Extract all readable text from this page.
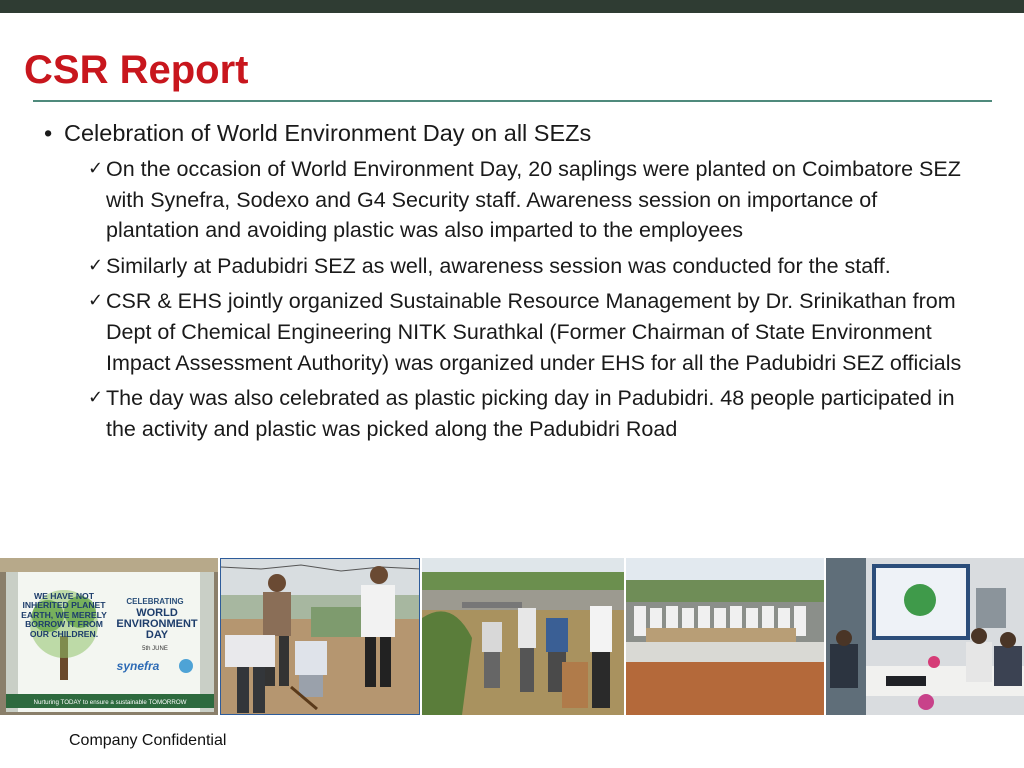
CSR Report
• Celebration of World Environment Day on all SEZs
✓ On the occasion of World Environment Day, 20 saplings were planted on Coimbatore SEZ with Synefra, Sodexo and G4 Security staff. Awareness session on importance of plantation and avoiding plastic was also imparted to the employees
✓ Similarly at Padubidri SEZ as well, awareness session was conducted for the staff.
✓ CSR & EHS jointly organized Sustainable Resource Management by Dr. Srinikathan from Dept of Chemical Engineering NITK Surathkal (Former Chairman of State Environment Impact Assessment Authority) was organized under EHS for all the Padubidri SEZ officials
✓ The day was also celebrated as plastic picking day in Padubidri. 48 people participated in the activity and plastic was picked along the Padubidri Road
WE HAVE NOT INHERITED PLANET EARTH, WE MERELY BORROW IT FROM OUR CHILDREN.
CELEBRATING
WORLD ENVIRONMENT DAY
5th JUNE
synefra
Nurturing TODAY to ensure a sustainable TOMORROW
Company Confidential
